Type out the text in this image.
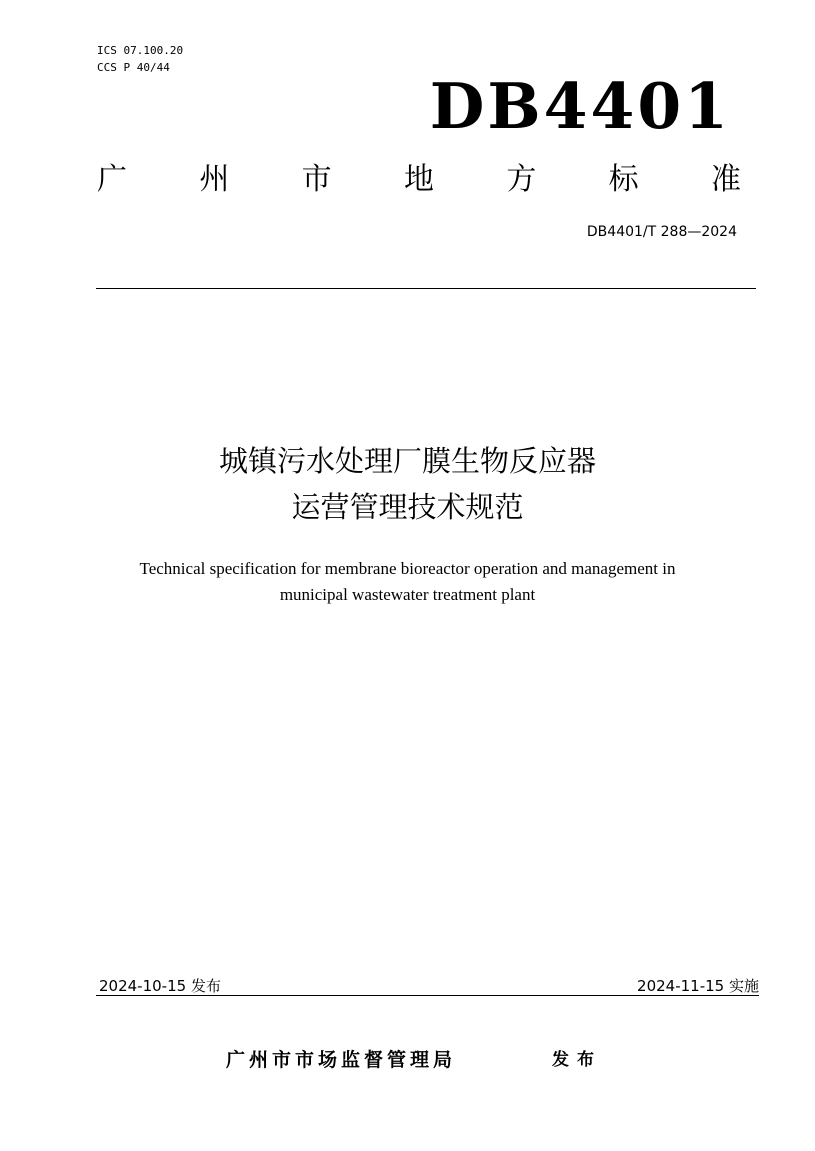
ICS 07.100.20
CCS P 40/44
DB4401
广 州 市 地 方 标 准
DB4401/T 288—2024
城镇污水处理厂膜生物反应器
运营管理技术规范
Technical specification for membrane bioreactor operation and management in
municipal wastewater treatment plant
2024-10-15 发布	2024-11-15 实施
广州市市场监督管理局	发布
